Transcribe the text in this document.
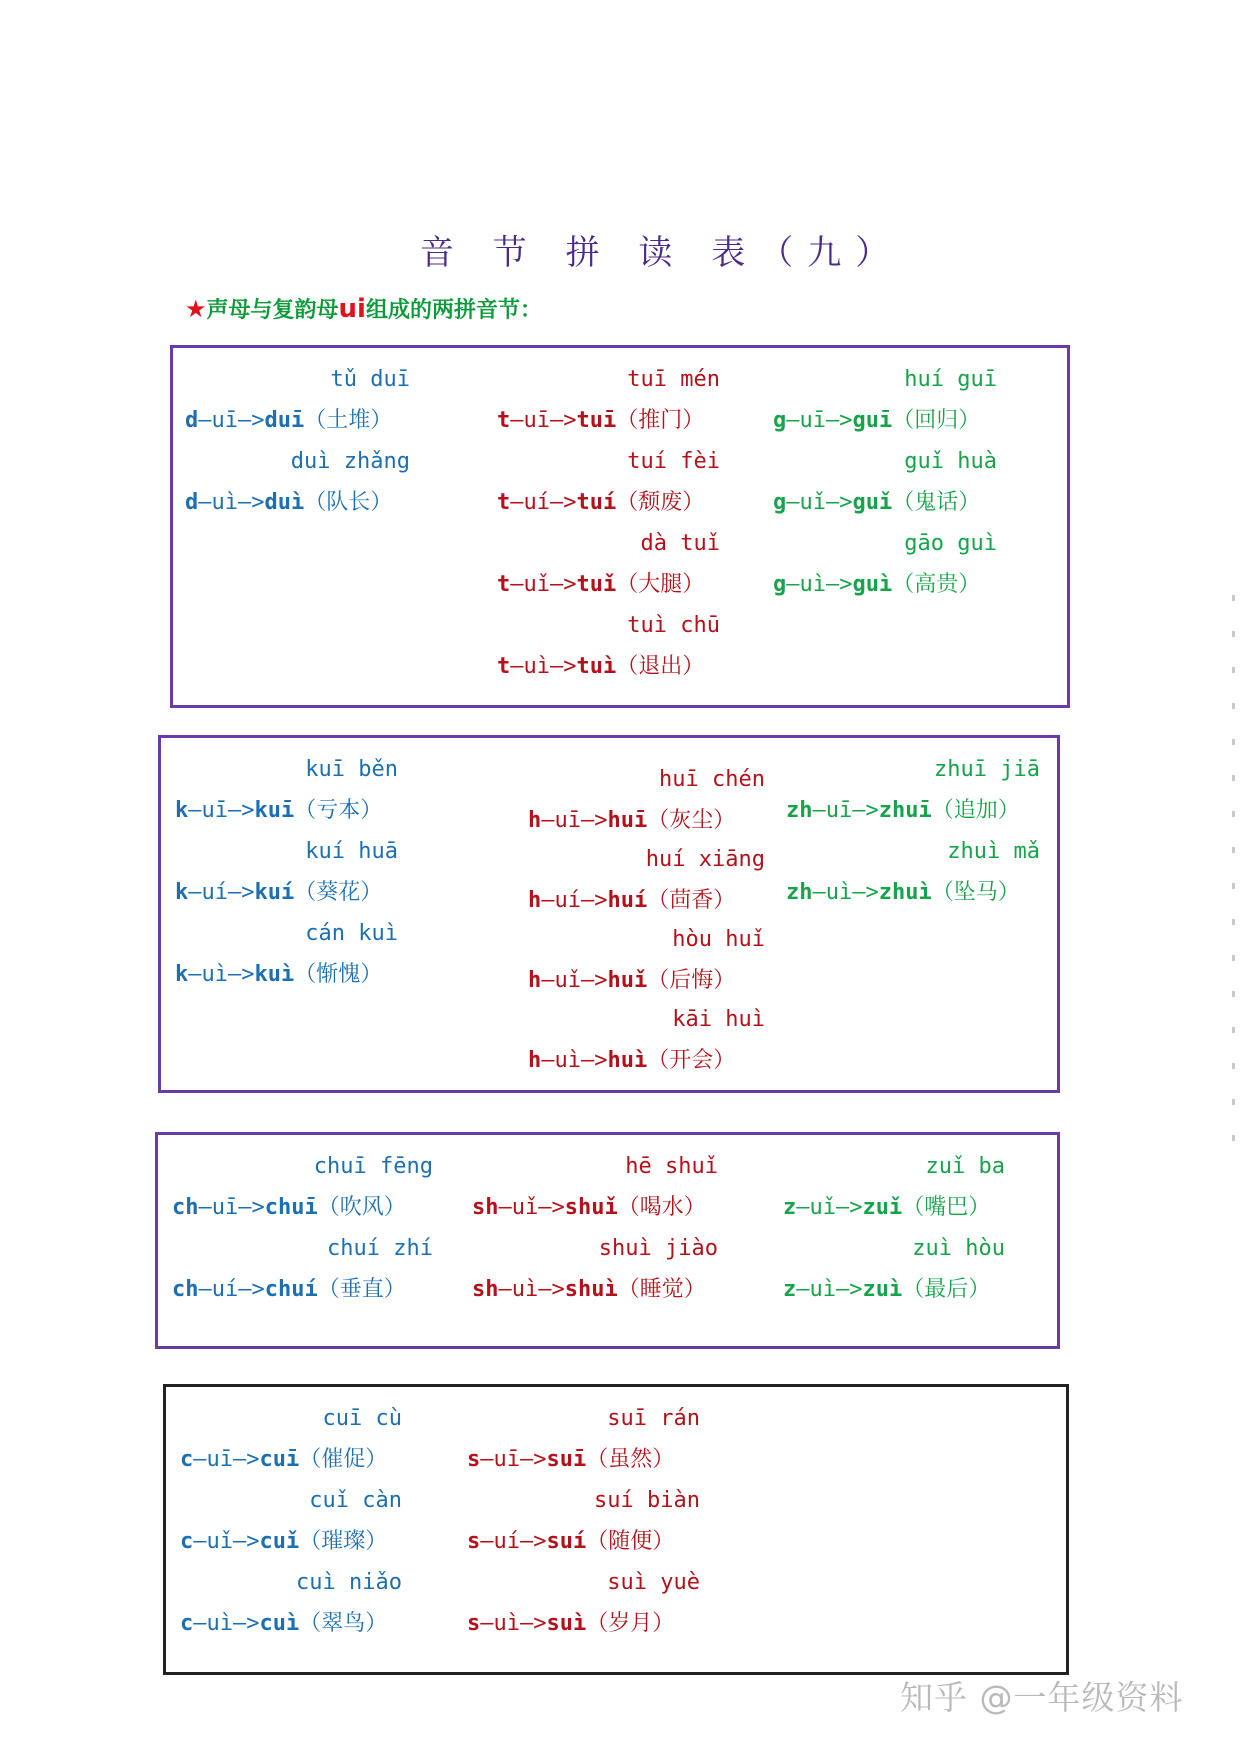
音 节 拼 读 表（九）
★声母与复韵母ui组成的两拼音节：
tǔ duī
d—uī—>duī（土堆）
duì zhǎng
d—uì—>duì（队长）
tuī mén
t—uī—>tuī（推门）
tuí fèi
t—uí—>tuí（颓废）
dà tuǐ
t—uǐ—>tuǐ（大腿）
tuì chū
t—uì—>tuì（退出）
huí guī
g—uī—>guī（回归）
guǐ huà
g—uǐ—>guǐ（鬼话）
gāo guì
g—uì—>guì（高贵）
kuī běn
k—uī—>kuī（亏本）
kuí huā
k—uí—>kuí（葵花）
cán kuì
k—uì—>kuì（惭愧）
huī chén
h—uī—>huī（灰尘）
huí xiāng
h—uí—>huí（茴香）
hòu huǐ
h—uǐ—>huǐ（后悔）
kāi huì
h—uì—>huì（开会）
zhuī jiā
zh—uī—>zhuī（追加）
zhuì mǎ
zh—uì—>zhuì（坠马）
chuī fēng
ch—uī—>chuī（吹风）
chuí zhí
ch—uí—>chuí（垂直）
hē shuǐ
sh—uǐ—>shuǐ（喝水）
shuì jiào
sh—uì—>shuì（睡觉）
zuǐ ba
z—uǐ—>zuǐ（嘴巴）
zuì hòu
z—uì—>zuì（最后）
cuī cù
c—uī—>cuī（催促）
cuǐ càn
c—uǐ—>cuǐ（璀璨）
cuì niǎo
c—uì—>cuì（翠鸟）
suī rán
s—uī—>suī（虽然）
suí biàn
s—uí—>suí（随便）
suì yuè
s—uì—>suì（岁月）
知乎 @一年级资料
